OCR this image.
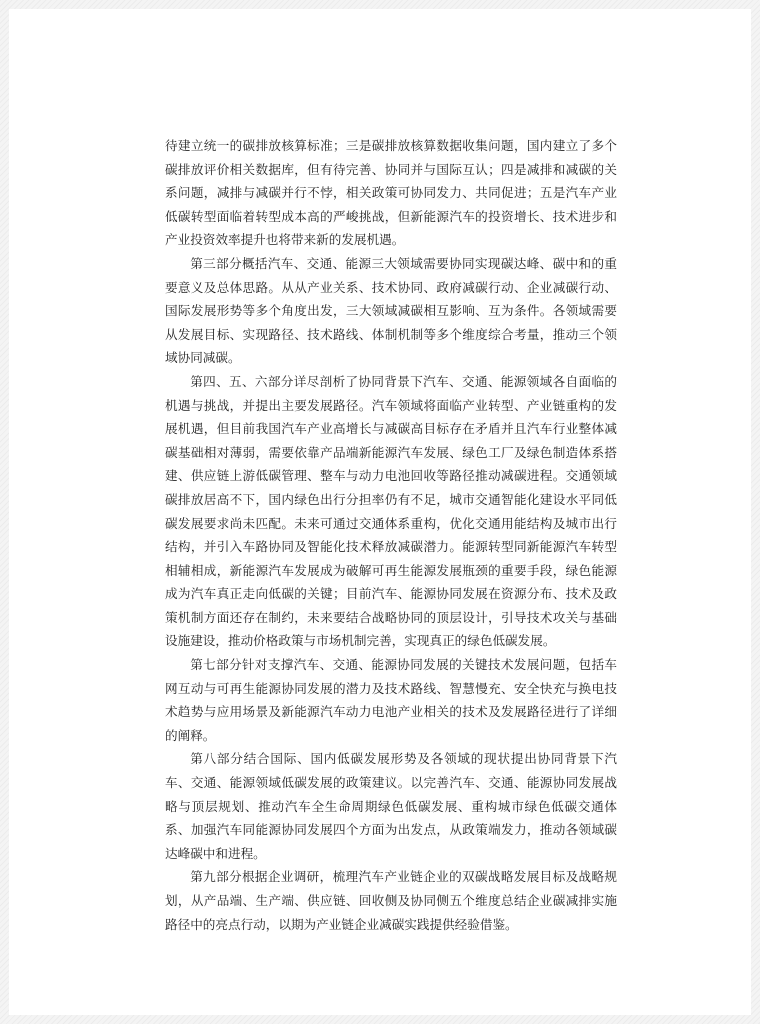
待建立统一的碳排放核算标准；三是碳排放核算数据收集问题，国内建立了多个碳排放评价相关数据库，但有待完善、协同并与国际互认；四是减排和减碳的关系问题，减排与减碳并行不悖，相关政策可协同发力、共同促进；五是汽车产业低碳转型面临着转型成本高的严峻挑战，但新能源汽车的投资增长、技术进步和产业投资效率提升也将带来新的发展机遇。

第三部分概括汽车、交通、能源三大领域需要协同实现碳达峰、碳中和的重要意义及总体思路。从从产业关系、技术协同、政府减碳行动、企业减碳行动、国际发展形势等多个角度出发，三大领域减碳相互影响、互为条件。各领域需要从发展目标、实现路径、技术路线、体制机制等多个维度综合考量，推动三个领域协同减碳。

第四、五、六部分详尽剖析了协同背景下汽车、交通、能源领域各自面临的机遇与挑战，并提出主要发展路径。汽车领域将面临产业转型、产业链重构的发展机遇，但目前我国汽车产业高增长与减碳高目标存在矛盾并且汽车行业整体减碳基础相对薄弱，需要依靠产品端新能源汽车发展、绿色工厂及绿色制造体系搭建、供应链上游低碳管理、整车与动力电池回收等路径推动减碳进程。交通领域碳排放居高不下，国内绿色出行分担率仍有不足，城市交通智能化建设水平同低碳发展要求尚未匹配。未来可通过交通体系重构，优化交通用能结构及城市出行结构，并引入车路协同及智能化技术释放减碳潜力。能源转型同新能源汽车转型相辅相成，新能源汽车发展成为破解可再生能源发展瓶颈的重要手段，绿色能源成为汽车真正走向低碳的关键；目前汽车、能源协同发展在资源分布、技术及政策机制方面还存在制约，未来要结合战略协同的顶层设计，引导技术攻关与基础设施建设，推动价格政策与市场机制完善，实现真正的绿色低碳发展。

第七部分针对支撑汽车、交通、能源协同发展的关键技术发展问题，包括车网互动与可再生能源协同发展的潜力及技术路线、智慧慢充、安全快充与换电技术趋势与应用场景及新能源汽车动力电池产业相关的技术及发展路径进行了详细的阐释。

第八部分结合国际、国内低碳发展形势及各领域的现状提出协同背景下汽车、交通、能源领域低碳发展的政策建议。以完善汽车、交通、能源协同发展战略与顶层规划、推动汽车全生命周期绿色低碳发展、重构城市绿色低碳交通体系、加强汽车同能源协同发展四个方面为出发点，从政策端发力，推动各领域碳达峰碳中和进程。

第九部分根据企业调研，梳理汽车产业链企业的双碳战略发展目标及战略规划，从产品端、生产端、供应链、回收侧及协同侧五个维度总结企业碳减排实施路径中的亮点行动，以期为产业链企业减碳实践提供经验借鉴。
